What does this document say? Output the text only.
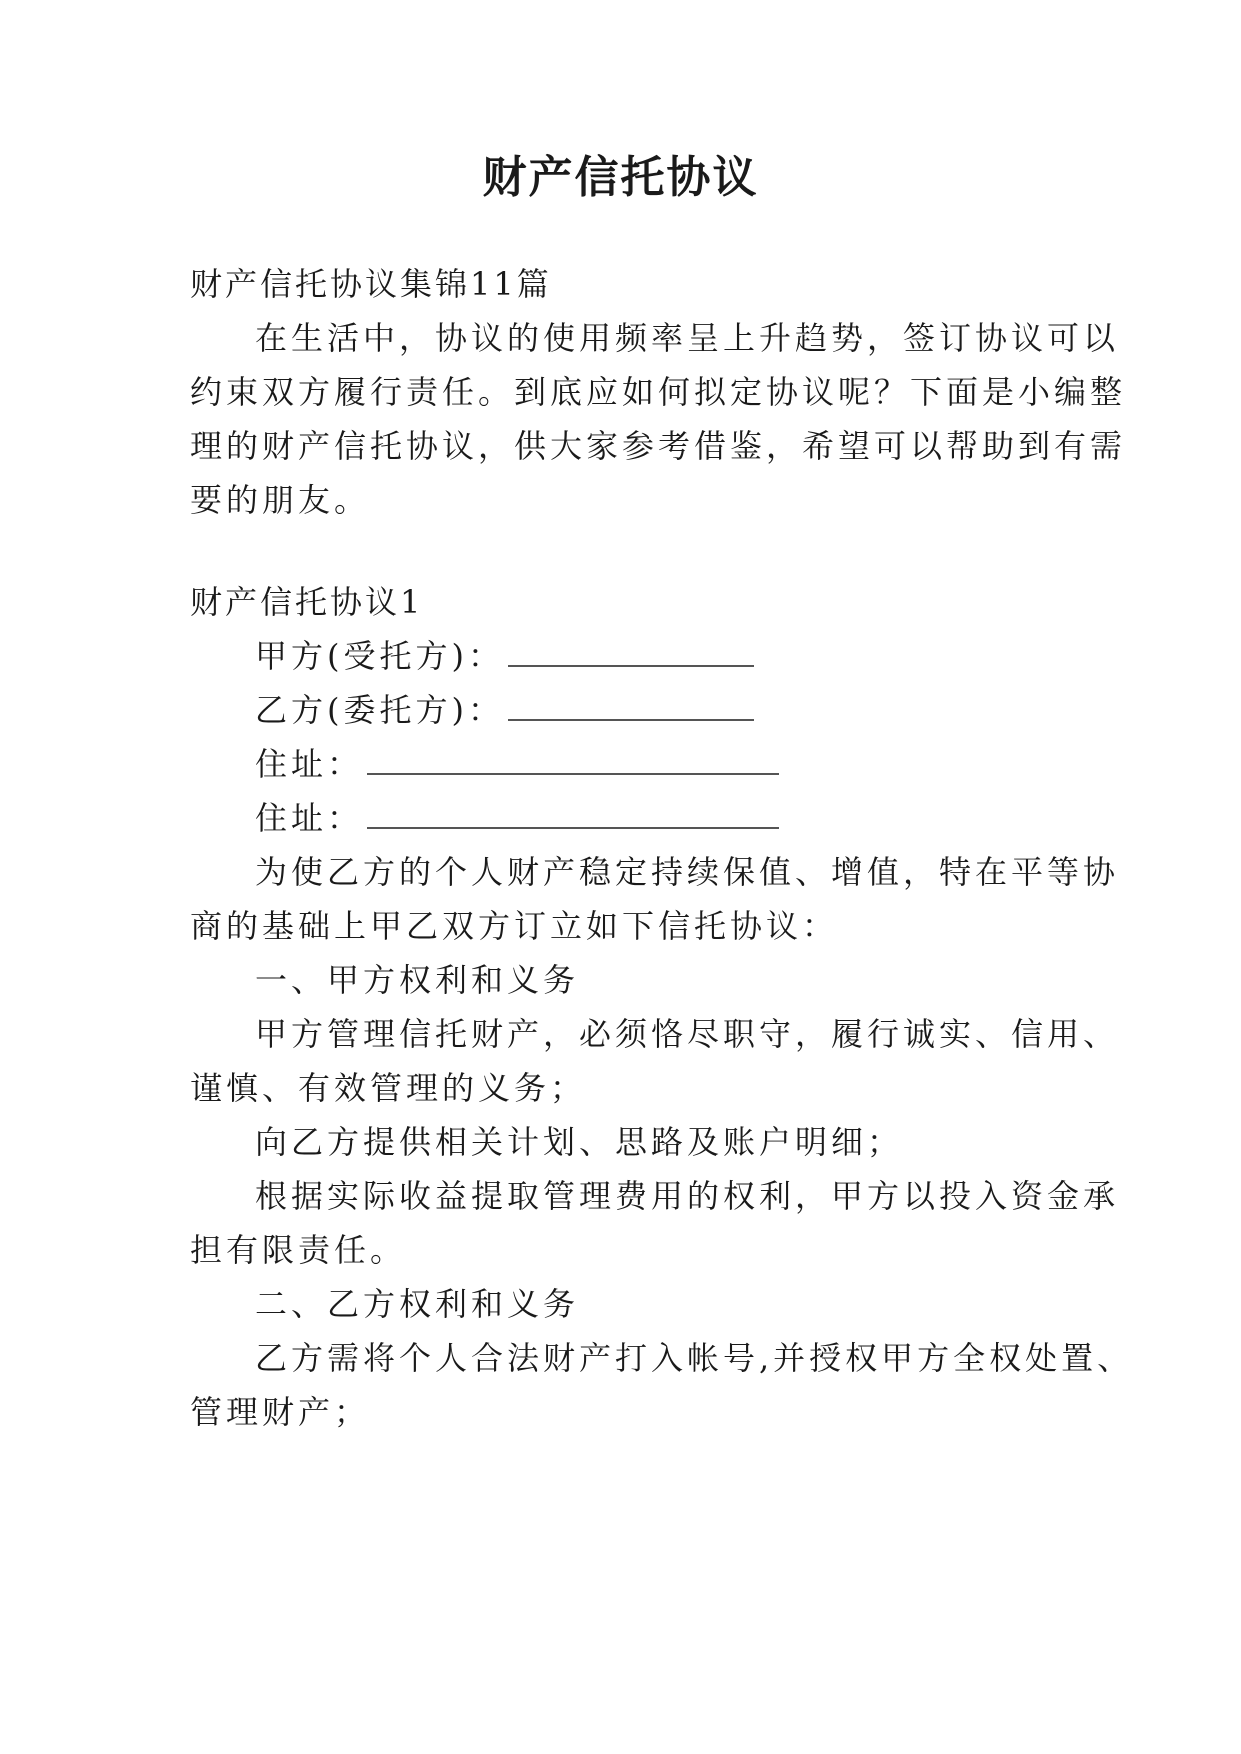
财产信托协议
财产信托协议集锦11篇
在生活中，协议的使用频率呈上升趋势，签订协议可以
约束双方履行责任。到底应如何拟定协议呢？下面是小编整
理的财产信托协议，供大家参考借鉴，希望可以帮助到有需
要的朋友。
财产信托协议1
甲方(受托方)：
乙方(委托方)：
住址：
住址：
为使乙方的个人财产稳定持续保值、增值，特在平等协
商的基础上甲乙双方订立如下信托协议：
一、甲方权利和义务
甲方管理信托财产，必须恪尽职守，履行诚实、信用、
谨慎、有效管理的义务；
向乙方提供相关计划、思路及账户明细；
根据实际收益提取管理费用的权利，甲方以投入资金承
担有限责任。
二、乙方权利和义务
乙方需将个人合法财产打入帐号,并授权甲方全权处置、
管理财产；
